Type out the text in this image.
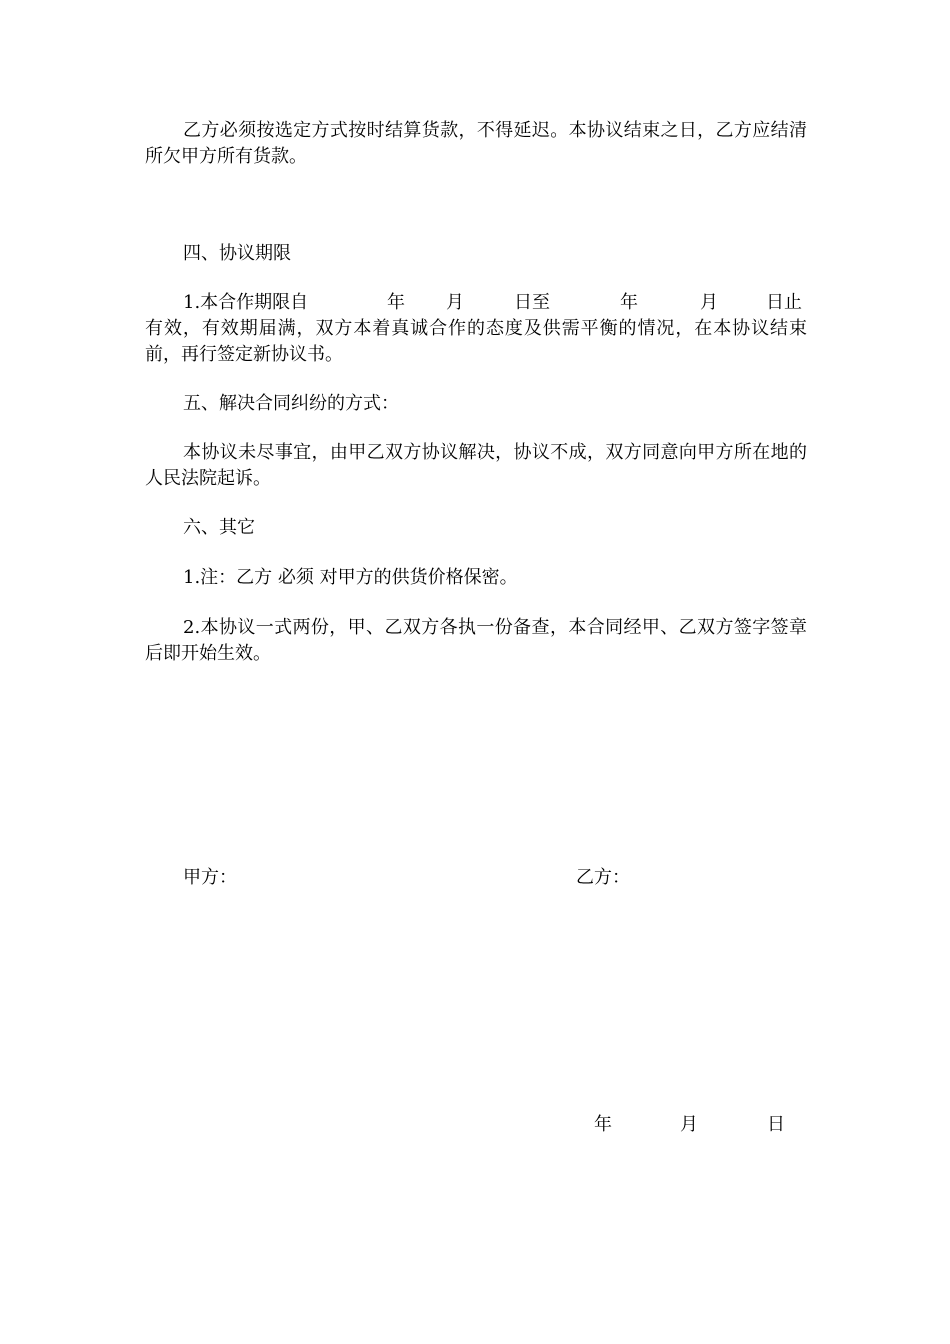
乙方必须按选定方式按时结算货款，不得延迟。本协议结束之日，乙方应结清所欠甲方所有货款。

四、协议期限

1.本合作期限自	年 月	日至	年	月	日止

有效，有效期届满，双方本着真诚合作的态度及供需平衡的情况，在本协议结束前，再行签定新协议书。

五、解决合同纠纷的方式：

本协议未尽事宜，由甲乙双方协议解决，协议不成，双方同意向甲方所在地的人民法院起诉。

六、其它

1.注：乙方 必须 对甲方的供货价格保密。

2.本协议一式两份，甲、乙双方各执一份备查，本合同经甲、乙双方签字签章后即开始生效。

甲方：	乙方：
年	月	日
